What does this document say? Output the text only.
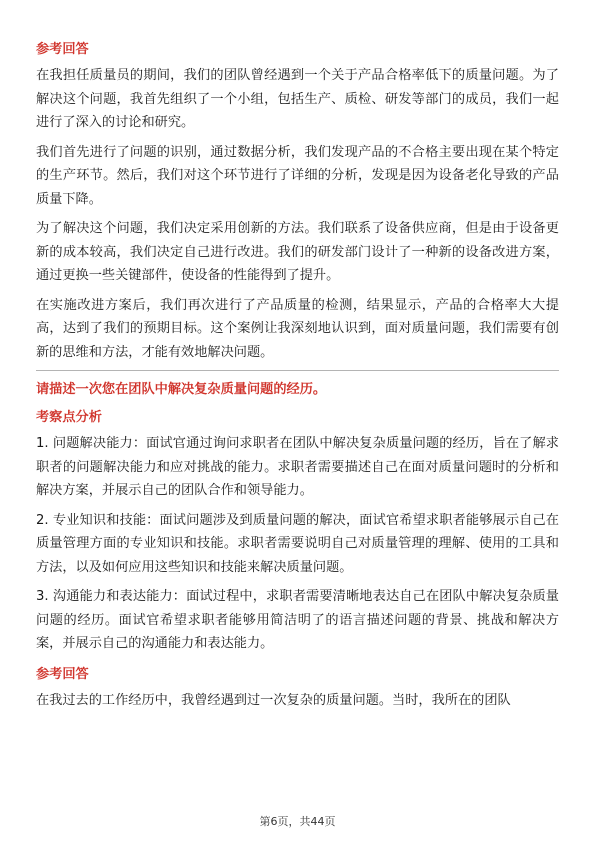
参考回答

在我担任质量员的期间，我们的团队曾经遇到一个关于产品合格率低下的质量问题。为了解决这个问题，我首先组织了一个小组，包括生产、质检、研发等部门的成员，我们一起进行了深入的讨论和研究。

我们首先进行了问题的识别，通过数据分析，我们发现产品的不合格主要出现在某个特定的生产环节。然后，我们对这个环节进行了详细的分析，发现是因为设备老化导致的产品质量下降。

为了解决这个问题，我们决定采用创新的方法。我们联系了设备供应商，但是由于设备更新的成本较高，我们决定自己进行改进。我们的研发部门设计了一种新的设备改进方案，通过更换一些关键部件，使设备的性能得到了提升。

在实施改进方案后，我们再次进行了产品质量的检测，结果显示，产品的合格率大大提高，达到了我们的预期目标。这个案例让我深刻地认识到，面对质量问题，我们需要有创新的思维和方法，才能有效地解决问题。

请描述一次您在团队中解决复杂质量问题的经历。
考察点分析

1. 问题解决能力：面试官通过询问求职者在团队中解决复杂质量问题的经历，旨在了解求职者的问题解决能力和应对挑战的能力。求职者需要描述自己在面对质量问题时的分析和解决方案，并展示自己的团队合作和领导能力。

2. 专业知识和技能：面试问题涉及到质量问题的解决，面试官希望求职者能够展示自己在质量管理方面的专业知识和技能。求职者需要说明自己对质量管理的理解、使用的工具和方法，以及如何应用这些知识和技能来解决质量问题。

3. 沟通能力和表达能力：面试过程中，求职者需要清晰地表达自己在团队中解决复杂质量问题的经历。面试官希望求职者能够用简洁明了的语言描述问题的背景、挑战和解决方案，并展示自己的沟通能力和表达能力。

参考回答

在我过去的工作经历中，我曾经遇到过一次复杂的质量问题。当时，我所在的团队

第6页，共44页
